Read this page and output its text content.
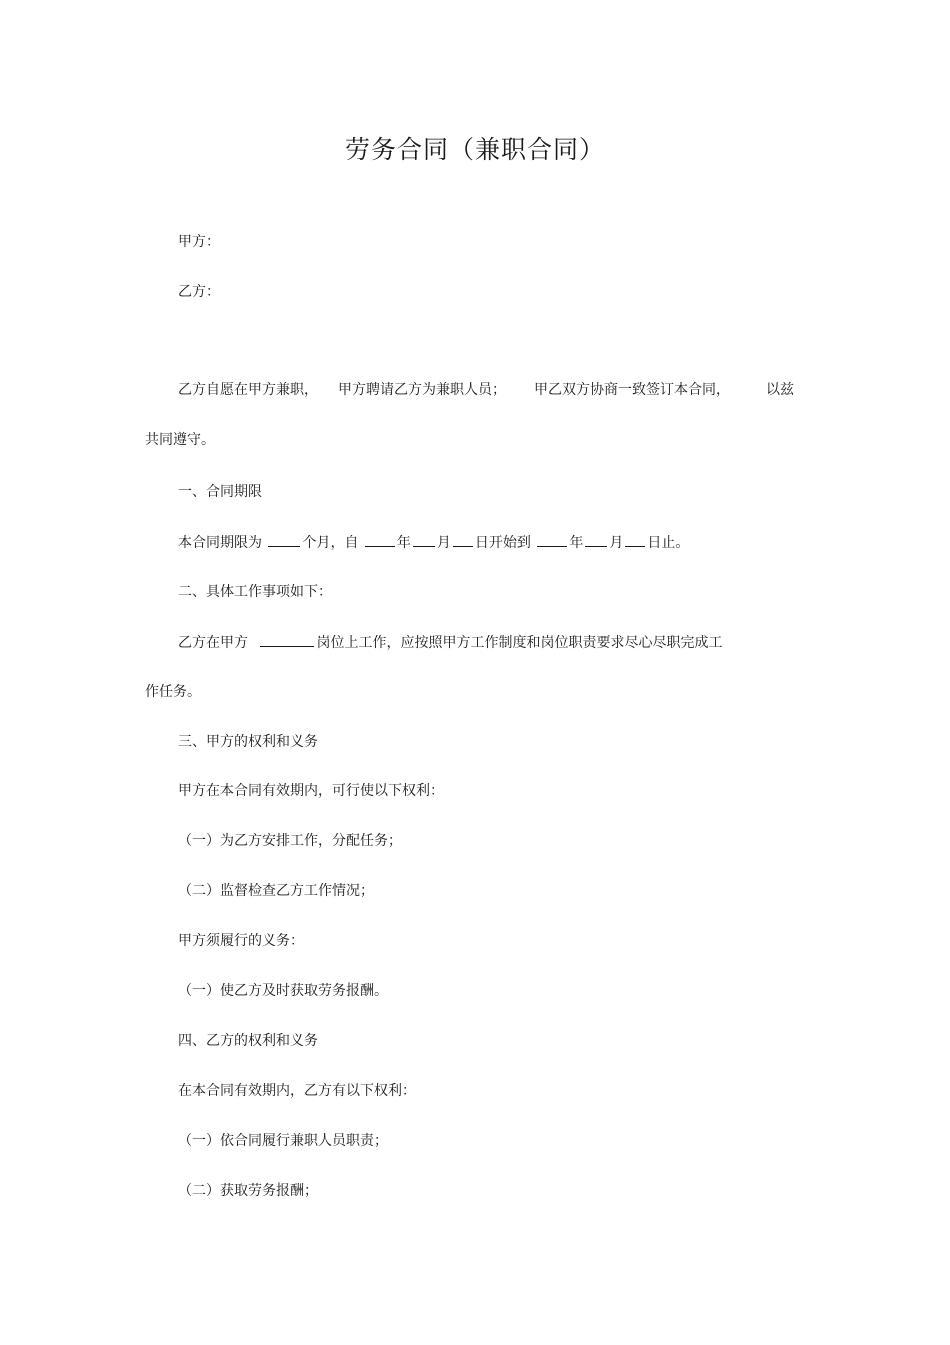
劳务合同（兼职合同）
甲方：
乙方：
乙方自愿在甲方兼职， 甲方聘请乙方为兼职人员； 甲乙双方协商一致签订本合同，	以兹
共同遵守。
一、合同期限
本合同期限为	个月，自	年 月 日开始到	年 月 日止。
二、具体工作事项如下：
乙方在甲方	岗位上工作，应按照甲方工作制度和岗位职责要求尽心尽职完成工
作任务。
三、甲方的权利和义务
甲方在本合同有效期内，可行使以下权利：
（一）为乙方安排工作，分配任务；
（二）监督检查乙方工作情况；
甲方须履行的义务：
（一）使乙方及时获取劳务报酬。
四、乙方的权利和义务
在本合同有效期内，乙方有以下权利：
（一）依合同履行兼职人员职责；
（二）获取劳务报酬；
